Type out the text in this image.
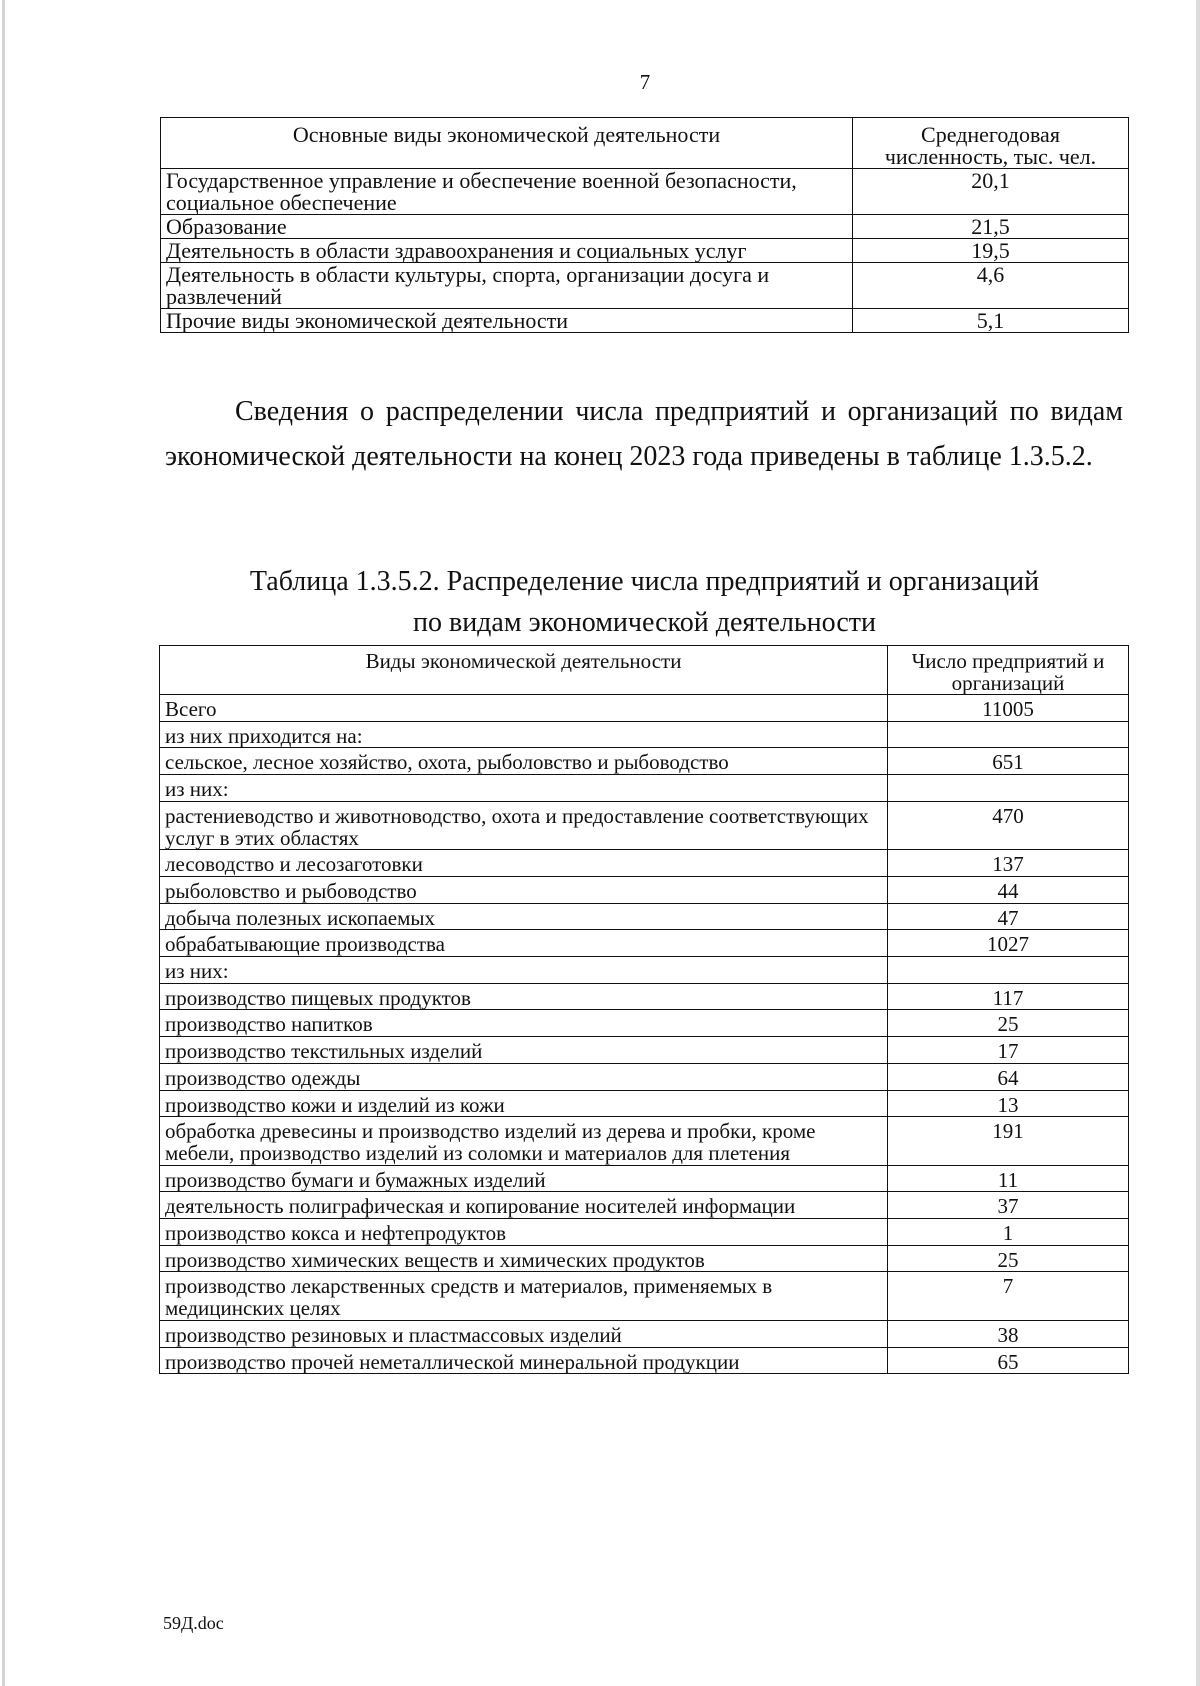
7
Основные виды экономической деятельности	Среднегодовая численность, тыс. чел.
Государственное управление и обеспечение военной безопасности, социальное обеспечение	20,1
Образование	21,5
Деятельность в области здравоохранения и социальных услуг	19,5
Деятельность в области культуры, спорта, организации досуга и развлечений	4,6
Прочие виды экономической деятельности	5,1
Сведения о распределении числа предприятий и организаций по видам экономической деятельности на конец 2023 года приведены в таблице 1.3.5.2.
Таблица 1.3.5.2. Распределение числа предприятий и организаций
по видам экономической деятельности
Виды экономической деятельности	Число предприятий и организаций
Всего	11005
из них приходится на:	
сельское, лесное хозяйство, охота, рыболовство и рыбоводство	651
из них:	
растениеводство и животноводство, охота и предоставление соответствующих услуг в этих областях	470
лесоводство и лесозаготовки	137
рыболовство и рыбоводство	44
добыча полезных ископаемых	47
обрабатывающие производства	1027
из них:	
производство пищевых продуктов	117
производство напитков	25
производство текстильных изделий	17
производство одежды	64
производство кожи и изделий из кожи	13
обработка древесины и производство изделий из дерева и пробки, кроме мебели, производство изделий из соломки и материалов для плетения	191
производство бумаги и бумажных изделий	11
деятельность полиграфическая и копирование носителей информации	37
производство кокса и нефтепродуктов	1
производство химических веществ и химических продуктов	25
производство лекарственных средств и материалов, применяемых в медицинских целях	7
производство резиновых и пластмассовых изделий	38
производство прочей неметаллической минеральной продукции	65
59Д.doc
